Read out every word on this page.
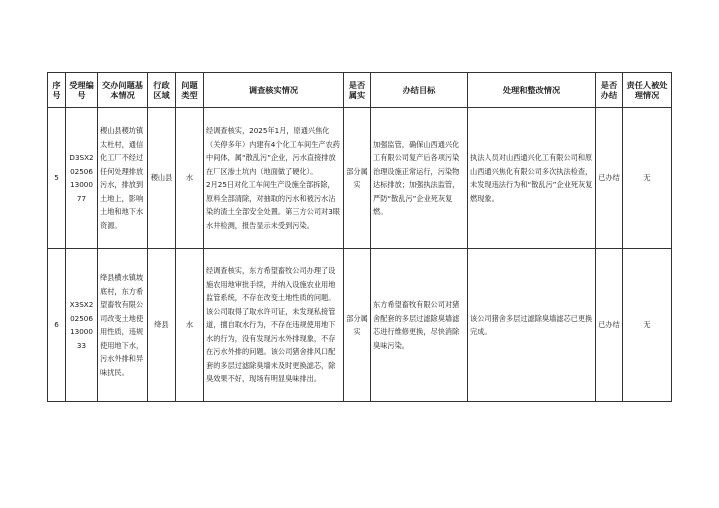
序号	受理编号	交办问题基本情况	行政区域	问题类型	调查核实情况	是否属实	办结目标	处理和整改情况	是否办结	责任人被处理情况
5	D3SX2025061300077	稷山县稷坊镇太杜村，通信化工厂不经过任何处理排放污水，排放到土地上，影响土地和地下水资源。	稷山县	水	经调查核实，2025年1月，原通兴焦化（关停多年）内建有4个化工车间生产农药中间体，属“散乱污”企业，污水直接排放在厂区渗土坑内（地面做了硬化）。
2月25日对化工车间生产设施全部拆除，原料全部清除，对抽取的污水和被污水沾染的渣土全部安全处置。第三方公司对3眼水井检测，报告显示未受到污染。	部分属实	加强监管，确保山西通兴化工有限公司复产后各项污染治理设施正常运行，污染物达标排放；加强执法监管，严防“散乱污”企业死灰复燃。	执法人员对山西通兴化工有限公司和原山西通兴焦化有限公司多次执法检查，未发现违法行为和“散乱污”企业死灰复燃现象。	已办结	无
6	X3SX2025061300033	绛县横水镇坡底村，东方希望畜牧有限公司改变土地使用性质，违规使用地下水，污水外排和异味扰民。	绛县	水	经调查核实，东方希望畜牧公司办理了设施农用地审批手续，并纳入设施农业用地监管系统，不存在改变土地性质的问题。该公司取得了取水许可证，未发现私接管道，擅自取水行为，不存在违规使用地下水的行为，没有发现污水外排现象，不存在污水外排的问题。该公司猪舍排风口配套的多层过滤除臭墙未及时更换滤芯，除臭效果不好，现场有明显臭味排出。	部分属实	东方希望畜牧有限公司对猪舍配套的多层过滤除臭墙滤芯进行维修更换，尽快消除臭味污染。	该公司猪舍多层过滤除臭墙滤芯已更换完成。	已办结	无
